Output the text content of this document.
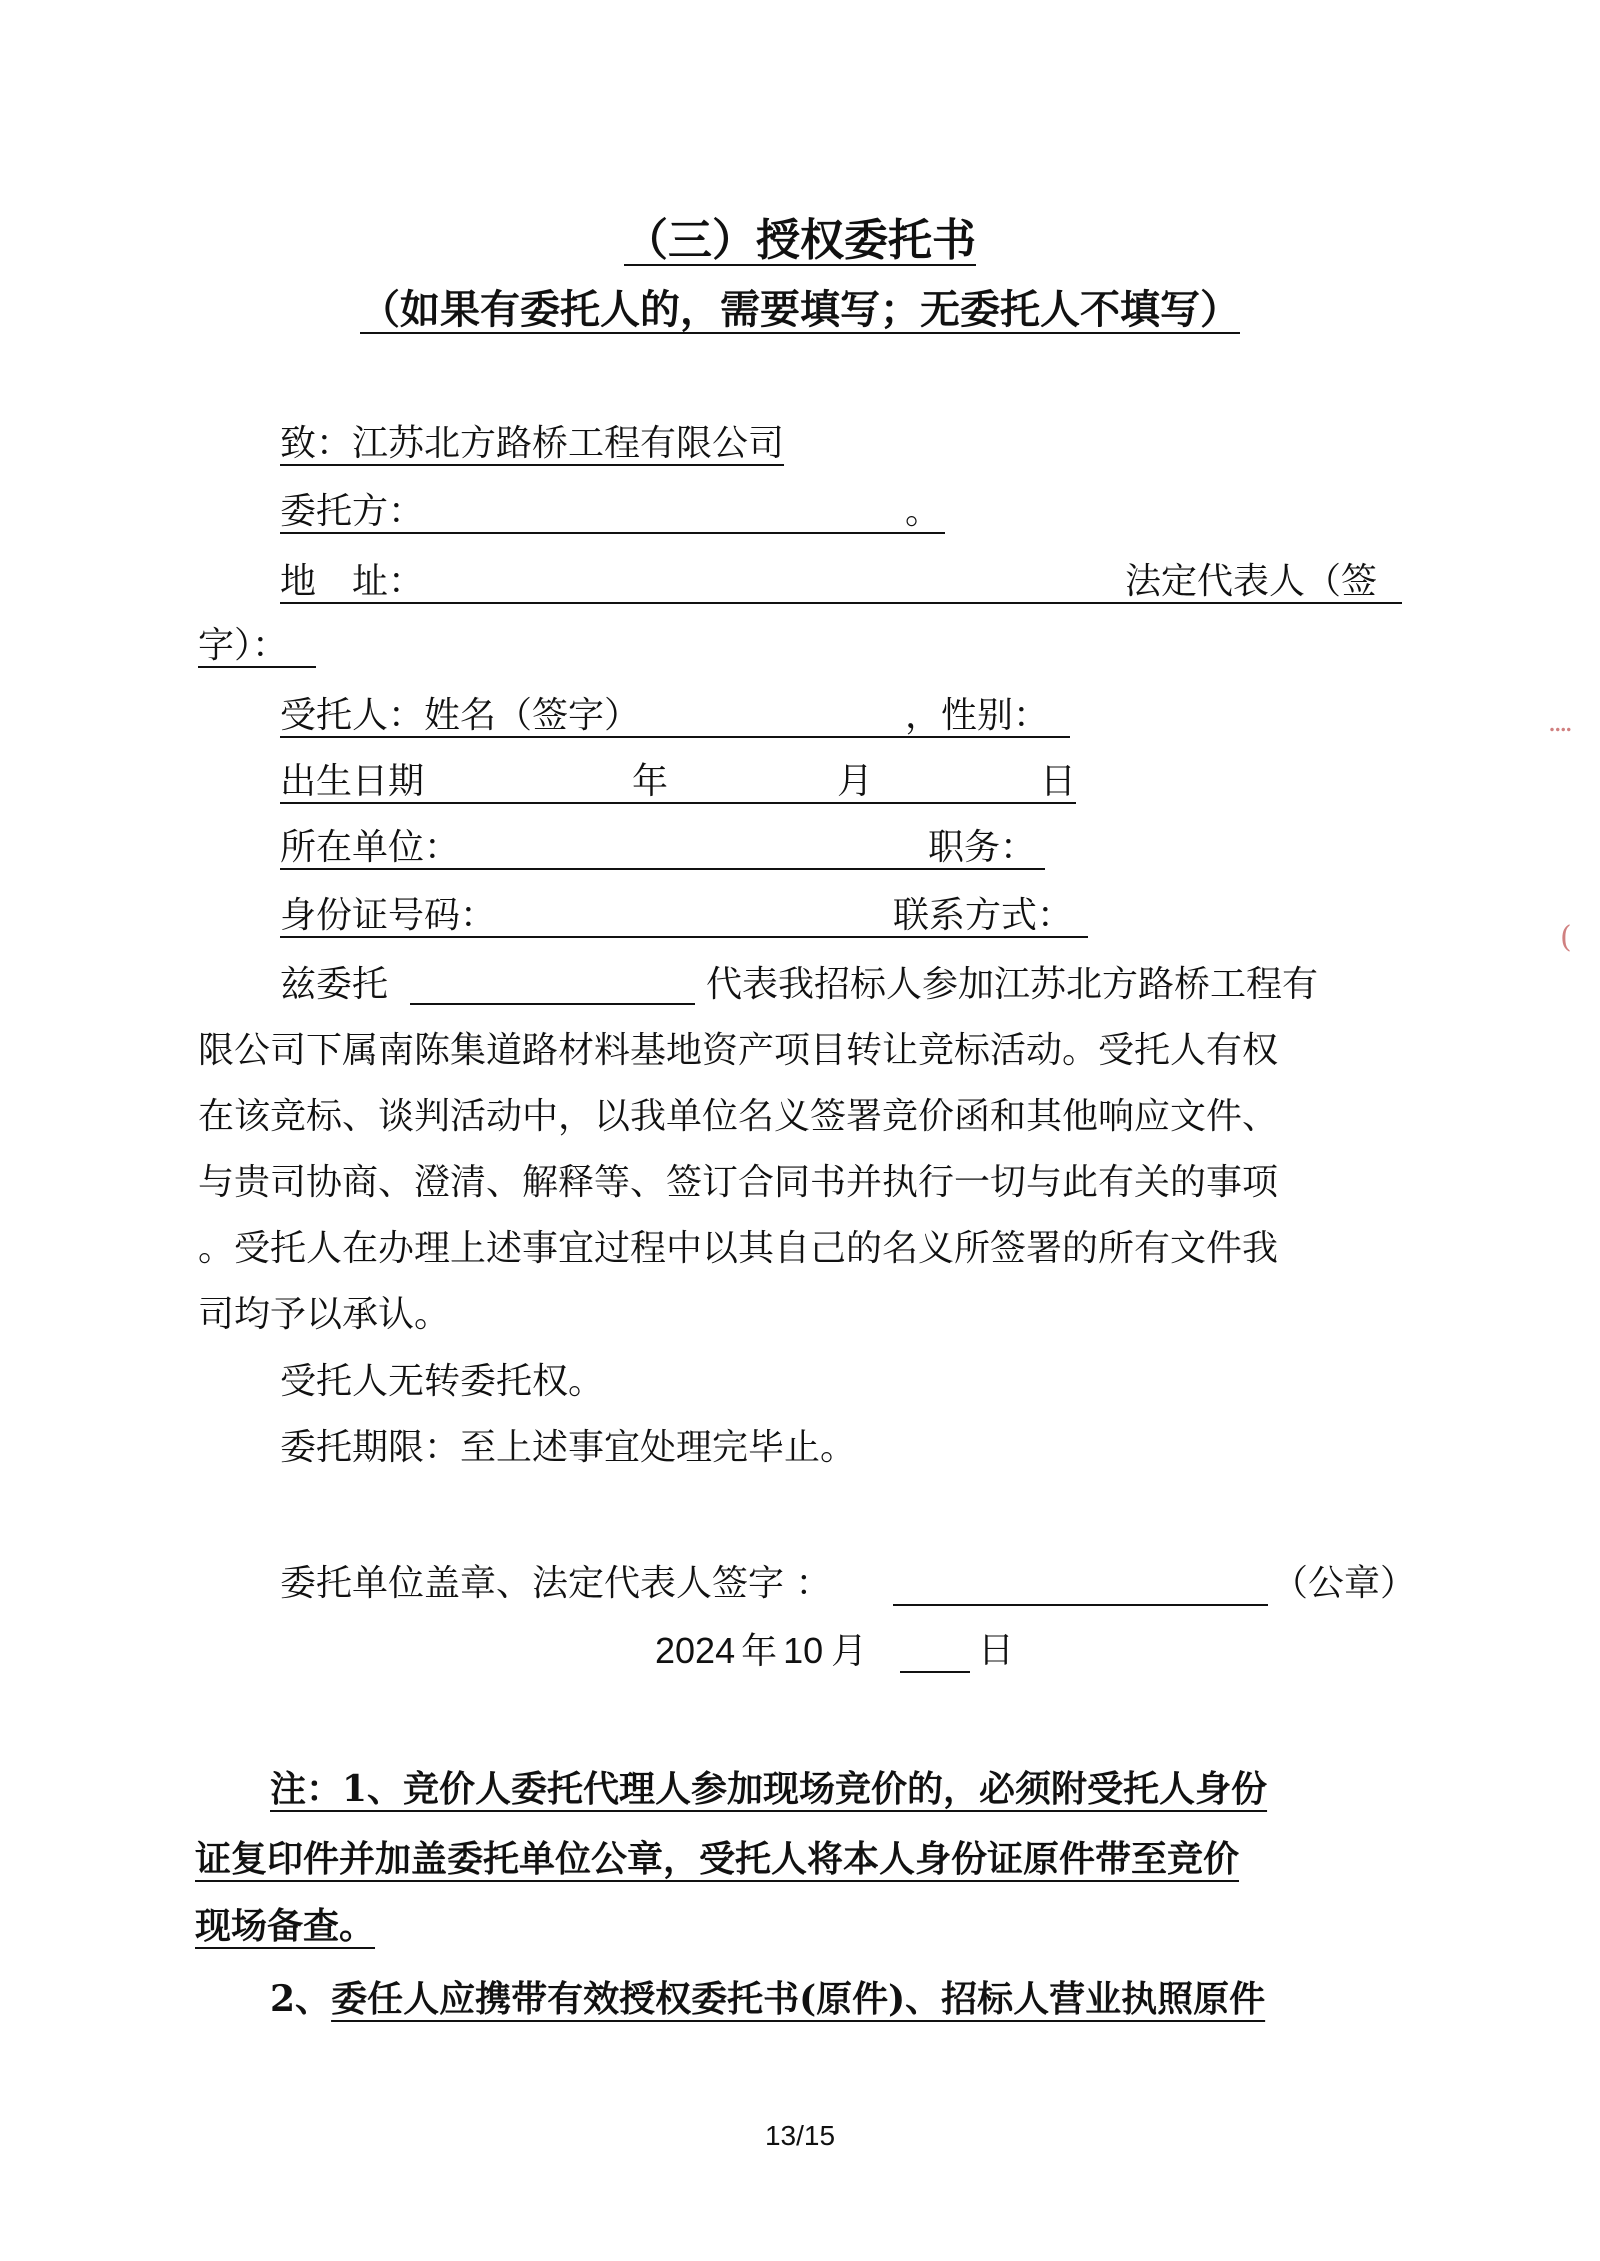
（三）授权委托书
（如果有委托人的，需要填写；无委托人不填写）
致：江苏北方路桥工程有限公司
委托方：	。
地　址：	法定代表人（签
字）：
受托人：姓名（签字）	，性别：
出生日期	年	月	日
所在单位：	职务：
身份证号码：	联系方式：
兹委托	代表我招标人参加江苏北方路桥工程有
限公司下属南陈集道路材料基地资产项目转让竞标活动。受托人有权
在该竞标、谈判活动中，以我单位名义签署竞价函和其他响应文件、
与贵司协商、澄清、解释等、签订合同书并执行一切与此有关的事项
。受托人在办理上述事宜过程中以其自己的名义所签署的所有文件我
司均予以承认。
受托人无转委托权。
委托期限：至上述事宜处理完毕止。
委托单位盖章、法定代表人签字 ：	（公章）
2024 年 10 月	日
注：1、竞价人委托代理人参加现场竞价的，必须附受托人身份
证复印件并加盖委托单位公章，受托人将本人身份证原件带至竞价
现场备查。
2、委任人应携带有效授权委托书(原件)、招标人营业执照原件
13/15
⁞
(
